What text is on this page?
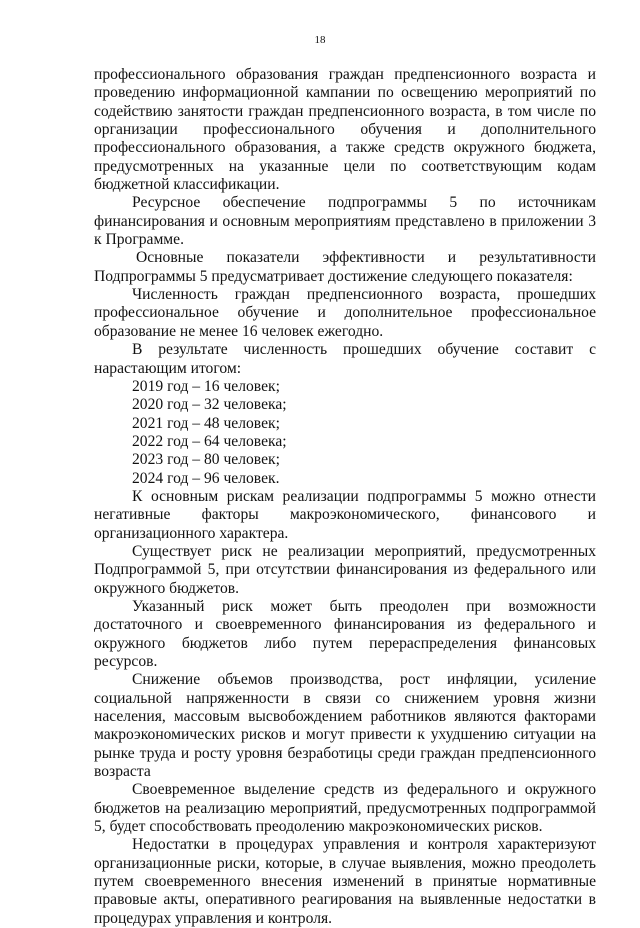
18

профессионального образования граждан предпенсионного возраста и проведению информационной кампании по освещению мероприятий по содействию занятости граждан предпенсионного возраста, в том числе по организации профессионального обучения и дополнительного профессионального образования, а также средств окружного бюджета, предусмотренных на указанные цели по соответствующим кодам бюджетной классификации.

Ресурсное обеспечение подпрограммы 5 по источникам финансирования и основным мероприятиям представлено в приложении 3 к Программе.

Основные показатели эффективности и результативности Подпрограммы 5 предусматривает достижение следующего показателя:

Численность граждан предпенсионного возраста, прошедших профессиональное обучение и дополнительное профессиональное образование не менее 16 человек ежегодно.

В результате численность прошедших обучение составит с нарастающим итогом:

2019 год – 16 человек;
2020 год – 32 человека;
2021 год – 48 человек;
2022 год – 64 человека;
2023 год – 80 человек;
2024 год – 96 человек.

К основным рискам реализации подпрограммы 5 можно отнести негативные факторы макроэкономического, финансового и организационного характера.

Существует риск не реализации мероприятий, предусмотренных Подпрограммой 5, при отсутствии финансирования из федерального или окружного бюджетов.

Указанный риск может быть преодолен при возможности достаточного и своевременного финансирования из федерального и окружного бюджетов либо путем перераспределения финансовых ресурсов.

Снижение объемов производства, рост инфляции, усиление социальной напряженности в связи со снижением уровня жизни населения, массовым высвобождением работников являются факторами макроэкономических рисков и могут привести к ухудшению ситуации на рынке труда и росту уровня безработицы среди граждан предпенсионного возраста

Своевременное выделение средств из федерального и окружного бюджетов на реализацию мероприятий, предусмотренных подпрограммой 5, будет способствовать преодолению макроэкономических рисков.

Недостатки в процедурах управления и контроля характеризуют организационные риски, которые, в случае выявления, можно преодолеть путем своевременного внесения изменений в принятые нормативные правовые акты, оперативного реагирования на выявленные недостатки в процедурах управления и контроля.
